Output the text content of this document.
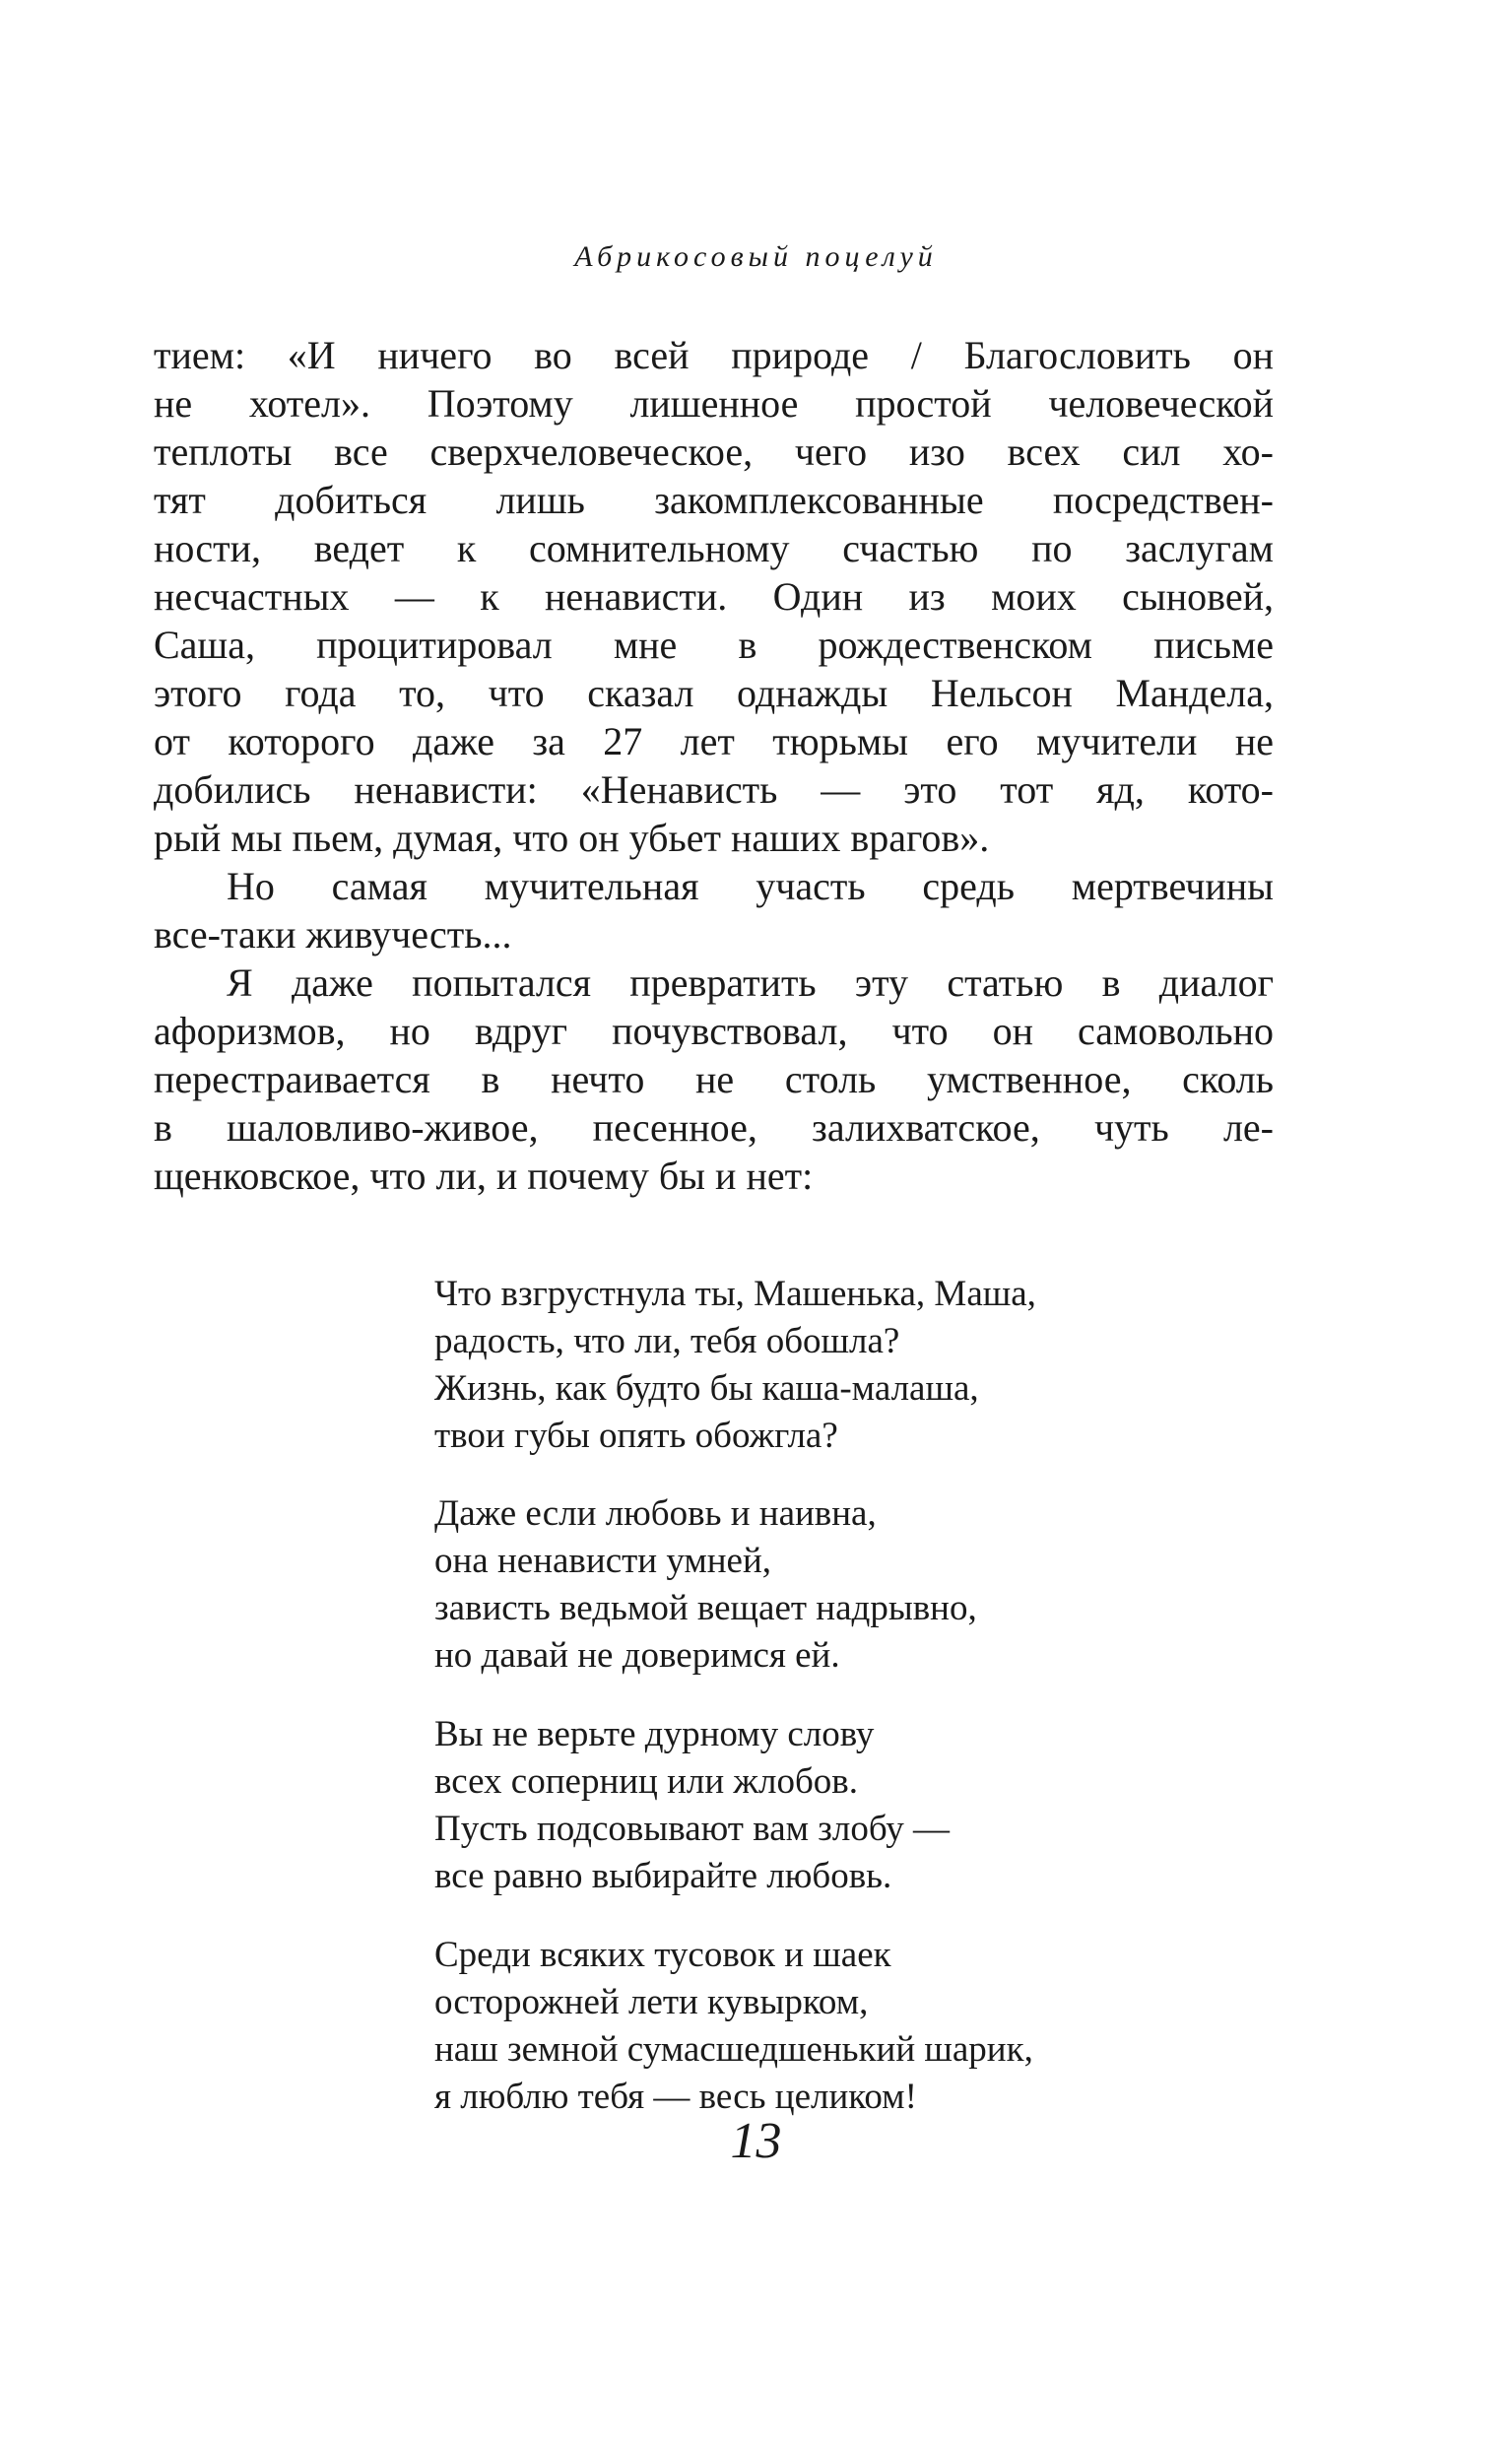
Абрикосовый поцелуй
тием: «И ничего во всей природе / Благословить он
не хотел». Поэтому лишенное простой человеческой
теплоты все сверхчеловеческое, чего изо всех сил хо-
тят добиться лишь закомплексованные посредствен-
ности, ведет к сомнительному счастью по заслугам
несчастных — к ненависти. Один из моих сыновей,
Саша, процитировал мне в рождественском письме
этого года то, что сказал однажды Нельсон Мандела,
от которого даже за 27 лет тюрьмы его мучители не
добились ненависти: «Ненависть — это тот яд, кото-
рый мы пьем, думая, что он убьет наших врагов».
Но самая мучительная участь средь мертвечины
все-таки живучесть...
Я даже попытался превратить эту статью в диалог
афоризмов, но вдруг почувствовал, что он самовольно
перестраивается в нечто не столь умственное, сколь
в шаловливо-живое, песенное, залихватское, чуть ле-
щенковское, что ли, и почему бы и нет:
Что взгрустнула ты, Машенька, Маша,
радость, что ли, тебя обошла?
Жизнь, как будто бы каша-малаша,
твои губы опять обожгла?
Даже если любовь и наивна,
она ненависти умней,
зависть ведьмой вещает надрывно,
но давай не доверимся ей.
Вы не верьте дурному слову
всех соперниц или жлобов.
Пусть подсовывают вам злобу —
все равно выбирайте любовь.
Среди всяких тусовок и шаек
осторожней лети кувырком,
наш земной сумасшедшенький шарик,
я люблю тебя — весь целиком!
13
